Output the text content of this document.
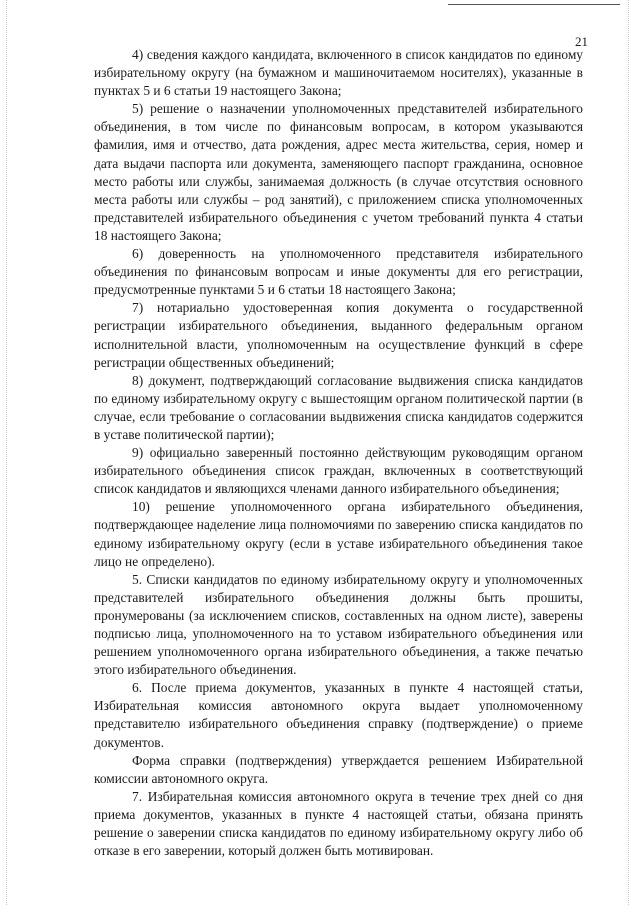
21

4) сведения каждого кандидата, включенного в список кандидатов по единому избирательному округу (на бумажном и машиночитаемом носителях), указанные в пунктах 5 и 6 статьи 19 настоящего Закона;

5) решение о назначении уполномоченных представителей избирательного объединения, в том числе по финансовым вопросам, в котором указываются фамилия, имя и отчество, дата рождения, адрес места жительства, серия, номер и дата выдачи паспорта или документа, заменяющего паспорт гражданина, основное место работы или службы, занимаемая должность (в случае отсутствия основного места работы или службы – род занятий), с приложением списка уполномоченных представителей избирательного объединения с учетом требований пункта 4 статьи 18 настоящего Закона;

6) доверенность на уполномоченного представителя избирательного объединения по финансовым вопросам и иные документы для его регистрации, предусмотренные пунктами 5 и 6 статьи 18 настоящего Закона;

7) нотариально удостоверенная копия документа о государственной регистрации избирательного объединения, выданного федеральным органом исполнительной власти, уполномоченным на осуществление функций в сфере регистрации общественных объединений;

8) документ, подтверждающий согласование выдвижения списка кандидатов по единому избирательному округу с вышестоящим органом политической партии (в случае, если требование о согласовании выдвижения списка кандидатов содержится в уставе политической партии);

9) официально заверенный постоянно действующим руководящим органом избирательного объединения список граждан, включенных в соответствующий список кандидатов и являющихся членами данного избирательного объединения;

10) решение уполномоченного органа избирательного объединения, подтверждающее наделение лица полномочиями по заверению списка кандидатов по единому избирательному округу (если в уставе избирательного объединения такое лицо не определено).

5. Списки кандидатов по единому избирательному округу и уполномоченных представителей избирательного объединения должны быть прошиты, пронумерованы (за исключением списков, составленных на одном листе), заверены подписью лица, уполномоченного на то уставом избирательного объединения или решением уполномоченного органа избирательного объединения, а также печатью этого избирательного объединения.

6. После приема документов, указанных в пункте 4 настоящей статьи, Избирательная комиссия автономного округа выдает уполномоченному представителю избирательного объединения справку (подтверждение) о приеме документов.

Форма справки (подтверждения) утверждается решением Избирательной комиссии автономного округа.

7. Избирательная комиссия автономного округа в течение трех дней со дня приема документов, указанных в пункте 4 настоящей статьи, обязана принять решение о заверении списка кандидатов по единому избирательному округу либо об отказе в его заверении, который должен быть мотивирован.
